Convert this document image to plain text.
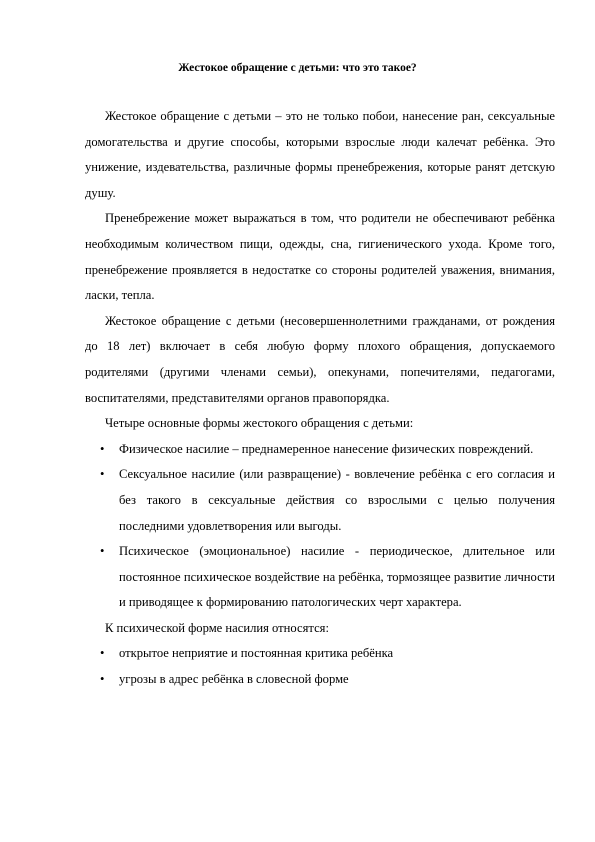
Жестокое обращение с детьми: что это такое?

Жестокое обращение с детьми – это не только побои, нанесение ран, сексуальные домогательства и другие способы, которыми взрослые люди калечат ребёнка. Это унижение, издевательства, различные формы пренебрежения, которые ранят детскую душу.

Пренебрежение может выражаться в том, что родители не обеспечивают ребёнка необходимым количеством пищи, одежды, сна, гигиенического ухода. Кроме того, пренебрежение проявляется в недостатке со стороны родителей уважения, внимания, ласки, тепла.

Жестокое обращение с детьми (несовершеннолетними гражданами, от рождения до 18 лет) включает в себя любую форму плохого обращения, допускаемого родителями (другими членами семьи), опекунами, попечителями, педагогами, воспитателями, представителями органов правопорядка.

Четыре основные формы жестокого обращения с детьми:

• Физическое насилие – преднамеренное нанесение физических повреждений.
• Сексуальное насилие (или развращение) - вовлечение ребёнка с его согласия и без такого в сексуальные действия со взрослыми с целью получения последними удовлетворения или выгоды.
• Психическое (эмоциональное) насилие - периодическое, длительное или постоянное психическое воздействие на ребёнка, тормозящее развитие личности и приводящее к формированию патологических черт характера.

К психической форме насилия относятся:

• открытое неприятие и постоянная критика ребёнка
• угрозы в адрес ребёнка в словесной форме
